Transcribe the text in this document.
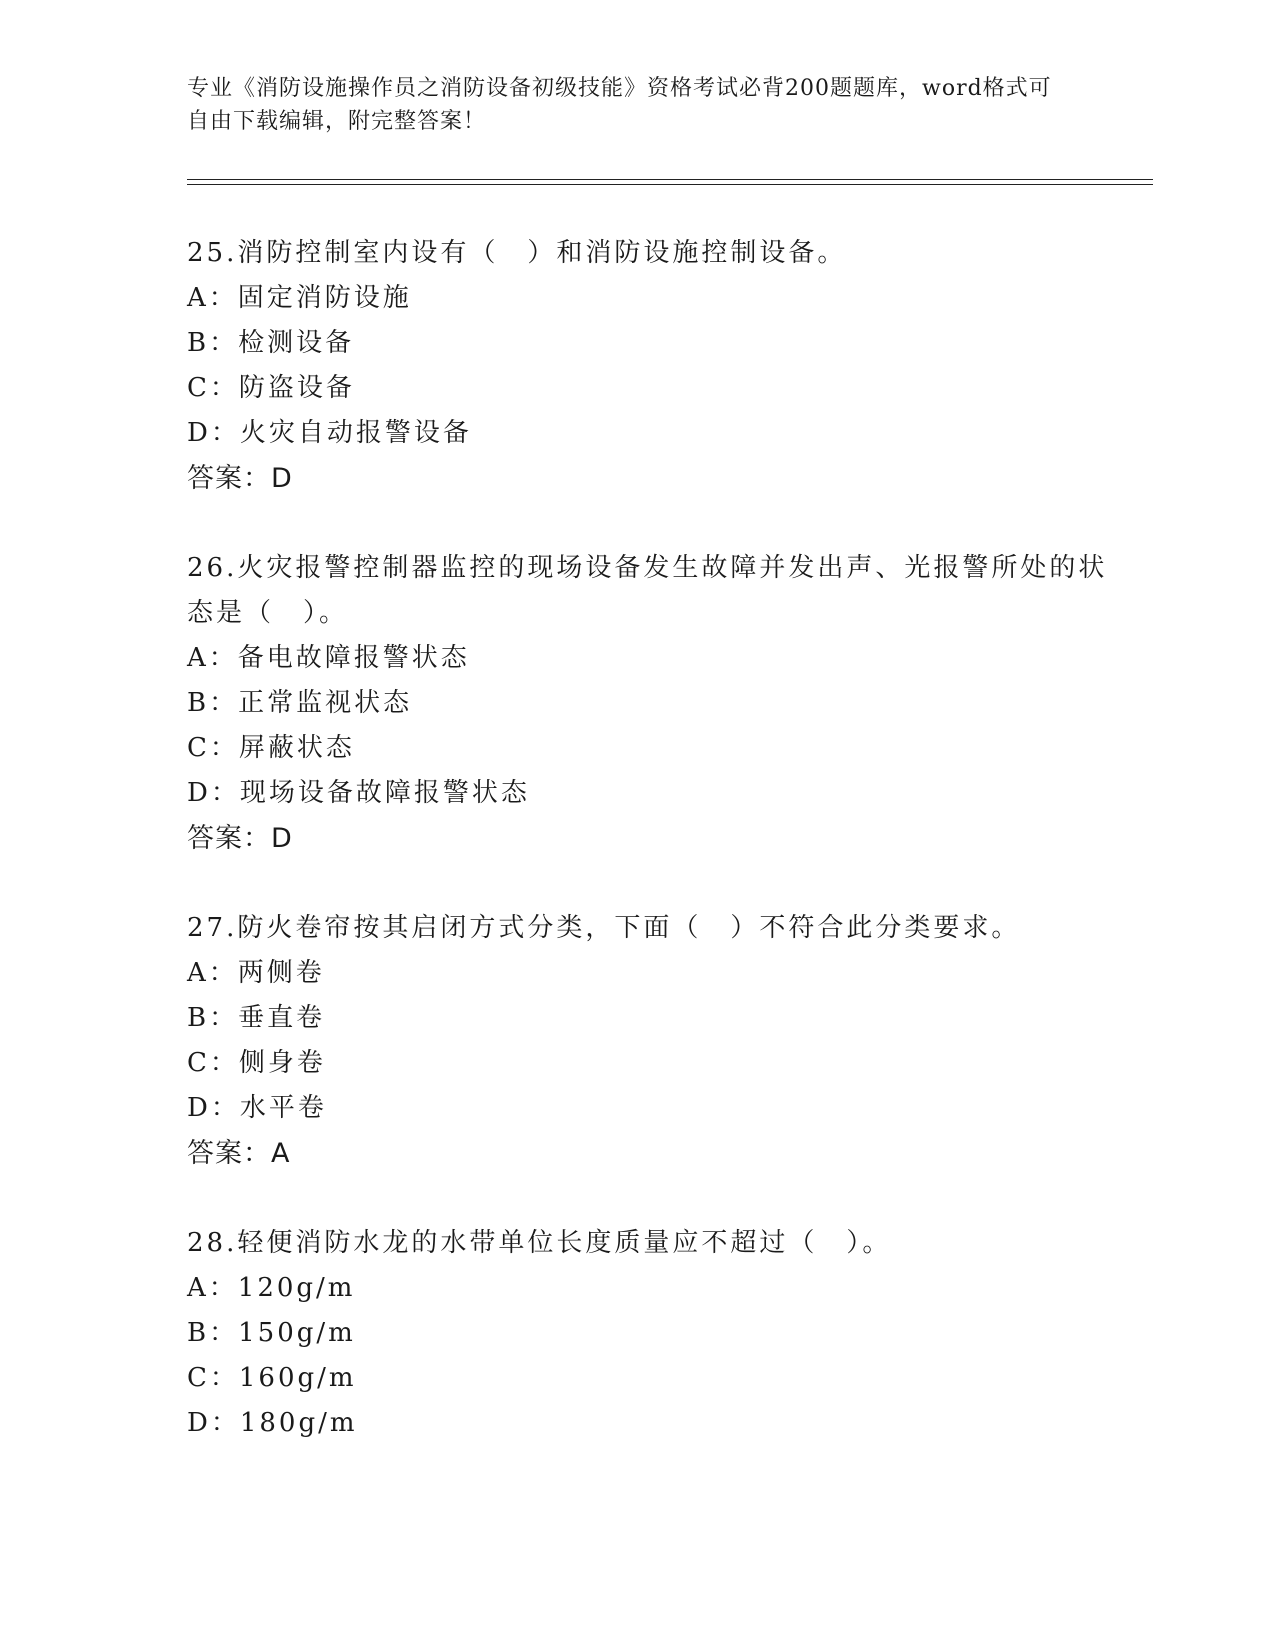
专业《消防设施操作员之消防设备初级技能》资格考试必背200题题库，word格式可自由下载编辑，附完整答案！

25.消防控制室内设有（　）和消防设施控制设备。

A：固定消防设施
B：检测设备
C：防盗设备
D：火灾自动报警设备
答案：D

26.火灾报警控制器监控的现场设备发生故障并发出声、光报警所处的状态是（　）。

A：备电故障报警状态
B：正常监视状态
C：屏蔽状态
D：现场设备故障报警状态
答案：D

27.防火卷帘按其启闭方式分类，下面（　）不符合此分类要求。

A：两侧卷
B：垂直卷
C：侧身卷
D：水平卷
答案：A

28.轻便消防水龙的水带单位长度质量应不超过（　）。

A：120g/m
B：150g/m
C：160g/m
D：180g/m
